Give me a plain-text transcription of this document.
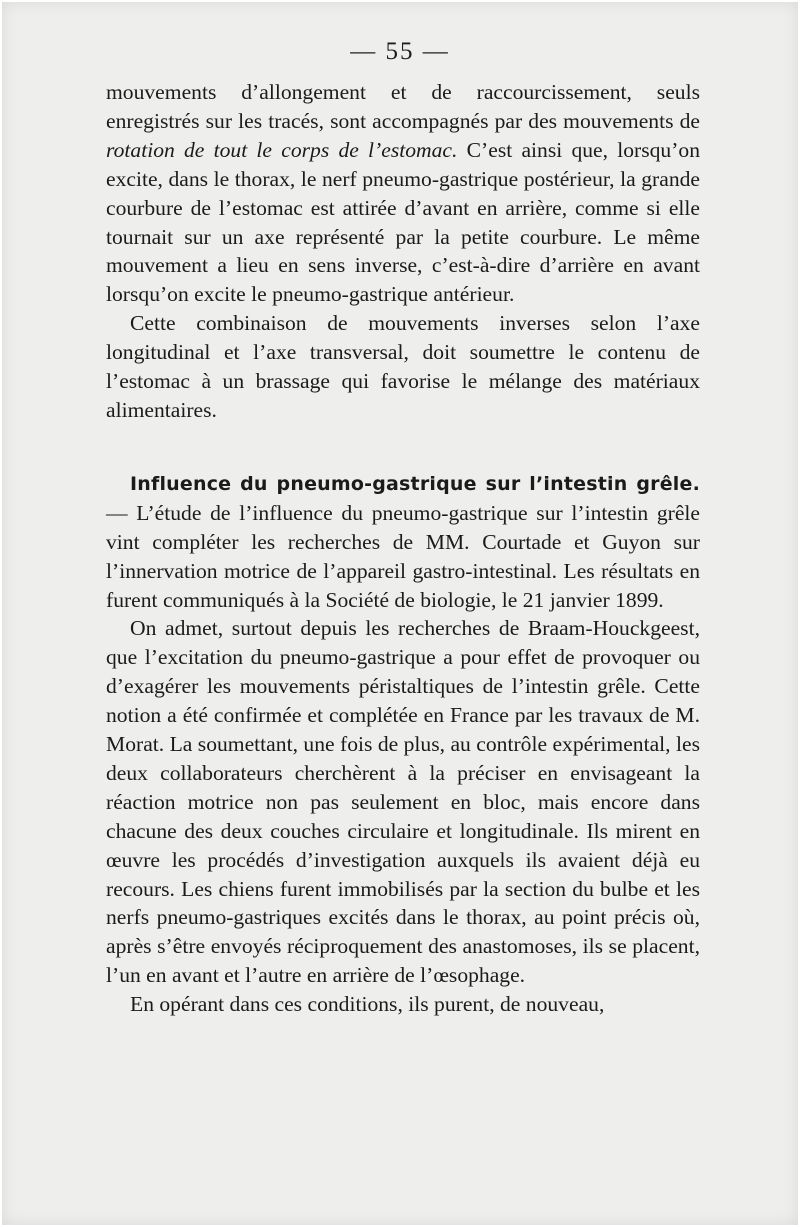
— 55 —

mouvements d’allongement et de raccourcissement, seuls enregistrés sur les tracés, sont accompagnés par des mouvements de rotation de tout le corps de l’estomac. C’est ainsi que, lorsqu’on excite, dans le thorax, le nerf pneumo-gastrique postérieur, la grande courbure de l’estomac est attirée d’avant en arrière, comme si elle tournait sur un axe représenté par la petite courbure. Le même mouvement a lieu en sens inverse, c’est-à-dire d’arrière en avant lorsqu’on excite le pneumo-gastrique antérieur.

Cette combinaison de mouvements inverses selon l’axe longitudinal et l’axe transversal, doit soumettre le contenu de l’estomac à un brassage qui favorise le mélange des matériaux alimentaires.

Influence du pneumo-gastrique sur l’intestin grêle. — L’étude de l’influence du pneumo-gastrique sur l’intestin grêle vint compléter les recherches de MM. Courtade et Guyon sur l’innervation motrice de l’appareil gastro-intestinal. Les résultats en furent communiqués à la Société de biologie, le 21 janvier 1899.

On admet, surtout depuis les recherches de Braam-Houckgeest, que l’excitation du pneumo-gastrique a pour effet de provoquer ou d’exagérer les mouvements péristaltiques de l’intestin grêle. Cette notion a été confirmée et complétée en France par les travaux de M. Morat. La soumettant, une fois de plus, au contrôle expérimental, les deux collaborateurs cherchèrent à la préciser en envisageant la réaction motrice non pas seulement en bloc, mais encore dans chacune des deux couches circulaire et longitudinale. Ils mirent en œuvre les procédés d’investigation auxquels ils avaient déjà eu recours. Les chiens furent immobilisés par la section du bulbe et les nerfs pneumo-gastriques excités dans le thorax, au point précis où, après s’être envoyés réciproquement des anastomoses, ils se placent, l’un en avant et l’autre en arrière de l’œsophage.

En opérant dans ces conditions, ils purent, de nouveau,
